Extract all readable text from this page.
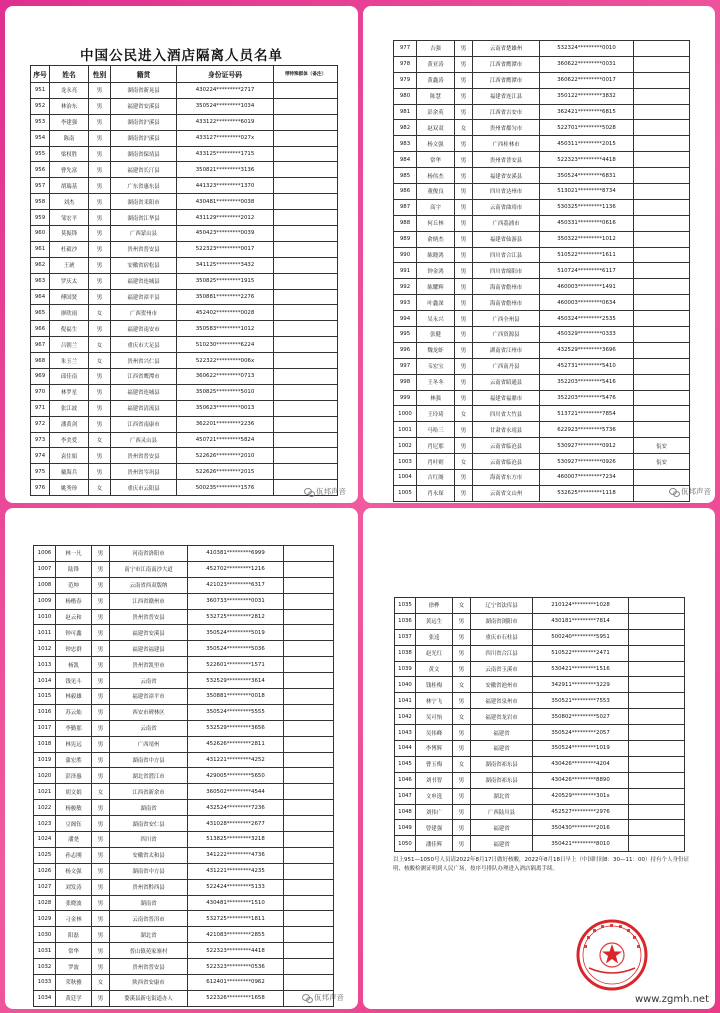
中国公民进入酒店隔离人员名单
序号	姓名	性别	籍贯	身份证号码	带特殊群体（备注）
951	龙永亮	男	湖南省新晃县	430224*********2717	
952	林治东	男	福建省安溪县	350524*********1034	
953	李建强	男	湖南省沪溪县	433122*********6019	
954	陈南	男	湖南省沪溪县	433127*********027x	
955	梁权胜	男	湖南省保靖县	433125*********1715	
956	曹先富	男	福建省长汀县	350821*********3136	
957	胡瑞基	男	广东省惠东县	441323*********1370	
958	刘杰	男	湖南省耒阳市	430481*********0038	
959	邹宏平	男	湖南省江华县	431129*********2012	
960	莫振锋	男	广西蒙山县	450423*********0039	
961	杜毅沙	男	贵州省普安县	522323*********0017	
962	王琥	男	安徽省宿松县	341125*********3432	
963	罗庆太	男	福建省连城县	350825*********1915	
964	傅国贤	男	福建省漳平县	350881*********2276	
965	廖欣雨	女	广西贺州市	452402*********0028	
966	倪福生	男	福建省南安市	350583*********1012	
967	吕朝兰	女	重庆市大足县	510230*********6224	
968	朱玉兰	女	贵州省兴仁县	522322*********006x	
969	邱佳南	男	江西省鹰潭市	360622*********0713	
970	林罗星	男	福建省连城县	350825*********5010	
971	张江波	男	福建省清流县	350623*********0013	
972	潘黄剑	男	江西省南康市	362201*********2236	
973	李美爱	女	广西灵山县	450721*********5824	
974	袁住娟	男	贵州省普安县	522626*********2010	
975	戴海兵	男	贵州省岑巩县	522626*********2015	
976	姚秀珍	女	重庆市云阳县	500235*********1576		佤邦声音
977	吉强	男	云南省楚雄州	532324*********0010	
978	黄亚涛	男	江西省鹰潭市	360622*********0031	
979	黄鑫涛	男	江西省鹰潭市	360622*********0017	
980	陈慧	男	福建省连江县	350122*********3832	
981	彭余英	男	江西省吉安市	362421*********6815	
982	赵双双	女	贵州省都匀市	522701*********5028	
983	杨文强	男	广西桂林市	450311*********2015	
984	常华	男	贵州省普安县	522323*********4418	
985	杨伟杰	男	福建省安溪县	350524*********6831	
986	董俊良	男	四川省达州市	513021*********8734	
987	高宇	男	云南省曲靖市	530325*********1136	
988	何丘林	男	广西荔浦市	450331*********0616	
989	俞炳杰	男	福建省仙游县	350322*********1012	
990	陈晓鸿	男	四川省合江县	510522*********1611	
991	钟金鸿	男	四川省绵阳市	510724*********6117	
992	陈耀辉	男	海南省儋州市	460003*********1491	
993	叶鑫深	男	海南省儋州市	460003*********0634	
994	吴永兴	男	广西全州县	450324*********2535	
995	张健	男	广西资源县	450329*********0333	
996	魏龙虾	男	湖南省江州市	432529*********3696	
997	韦宏宝	男	广西南丹县	452731*********5410	
998	王冬冬	男	云南省昭通县	352203*********5416	
999	林强	男	福建省福鼎市	352203*********5476	
1000	王玲琦	女	四川省大竹县	513721*********7854	
1001	马哈三	男	甘肃省永靖县	622923*********5736	
1002	肖尼那	男	云南省临沧县	530927*********0912	佤安
1003	肖叶则	女	云南省临沧县	530927*********0926	佤安
1004	吉红阁	男	海南省东方市	460007*********7234	
1005	肖永琛	男	云南省文山州	532625*********1118		佤邦声音
1006	林一凡	男	河南省洛阳市	410381*********6999	
1007	陆锋	男	南宁市江南南沙大道	452702*********1216	
1008	范坤	男	云南省西双版纳	421023*********6317	
1009	杨楷春	男	江西省赣州市	360733*********0031	
1010	赵云和	男	贵州省普安县	532725*********2812	
1011	钟可鑫	男	福建省安溪县	350524*********5019	
1012	钟忠群	男	福建省福建县	350524*********5036	
1013	杨凯	男	贵州省凯里市	522601*********1571	
1014	钱见斗	男	云南省	532529*********3614	
1015	林毅雄	男	福建省漳平市	350881*********0018	
1016	苏云灿	男	西安市碑林区	350524*********5555	
1017	李勤那	男	云南省	532529*********3656	
1018	林宪远	男	广西靖州	452626*********2811	
1019	蒲宏胜	男	湖南省中方县	431221*********4252	
1020	彭泽惠	男	湖北省潜江市	429005*********5650	
1021	胡文娟	女	江西省新余市	360502*********4544	
1022	杨骏敏	男	湖南省	432524*********7236	
1023	豆阁钰	男	湖南省安仁县	431028*********2677	
1024	潘尧	男	四川省	513825*********3218	
1025	孙志刚	男	安徽省太和县	341222*********4736	
1026	杨文强	男	湖南省中方县	431221*********4235	
1027	刘发涛	男	贵州省黔西县	522424*********5133	
1028	张晓波	男	湖南省	430481*********1510	
1029	刁金林	男	云南省普洱市	532725*********1811	
1030	阳磊	男	湖北省	421083*********2855	
1031	常华	男	普山镇苑家寨村	522323*********4418	
1032	罗波	男	贵州省普安县	522323*********0536	
1033	荣秋雅	女	陕西省安康市	612401*********0962	
1034	黄廷学	男	婺溪县新屯街道办人	522326*********1658		佤邦声音
1035	徐桦	女	辽宁省法库县	210124*********1028	
1036	黄远生	男	湖南省浏阳市	430181*********7814	
1037	张逵	男	重庆市石柱县	500240*********5951	
1038	赵光红	男	四川省合江县	510522*********2471	
1039	黄文	男	云南省玉溪市	530421*********1516	
1040	钱桂梅	女	安徽省池州市	342911*********3229	
1041	林宁飞	男	福建省泉州市	350521*********7553	
1042	吴可怡	女	福建省龙岩市	350802*********5027	
1043	吴伟峰	男	福建省	350524*********2057	
1044	李博辉	男	福建省	350524*********1019	
1045	曹玉梅	女	湖南省祁东县	430426*********4204	
1046	刘书智	男	湖南省祁东县	430426*********8890	
1047	文申选	男	湖北省	420529*********301x	
1048	刘伟广	男	广西陆川县	452527*********2976	
1049	曾建强	男	福建省	350430*********2016	
1050	潘佳辉	男	福建省	350421*********8010	
以上951—1050号人员请2022年8月17日做好核酸，2022年8月18日早上（中国时间8：30—11：00）持有个人身份证明、核酸检测证明到人民广场，按序号排队办理进入酒店隔离手续。
www.zgmh.net
